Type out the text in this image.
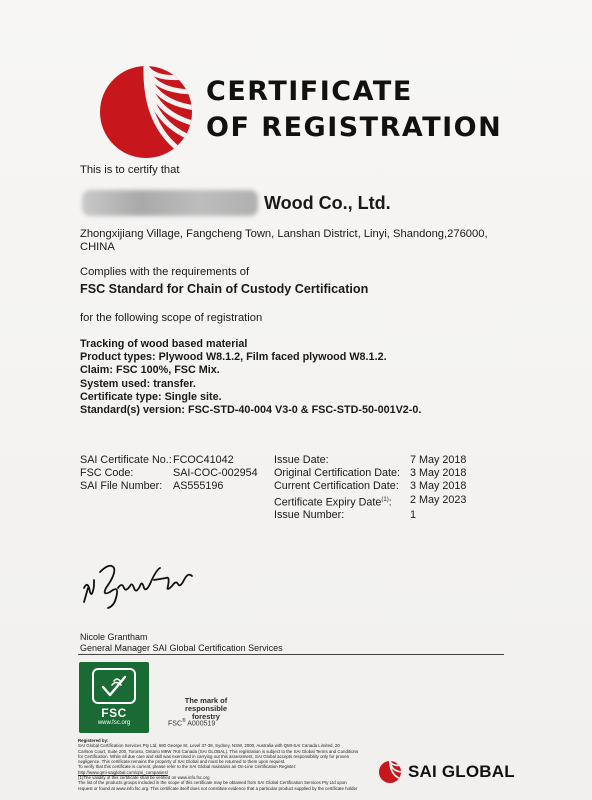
CERTIFICATE
OF REGISTRATION
This is to certify that
Wood Co., Ltd.
Zhongxijiang Village, Fangcheng Town, Lanshan District, Linyi, Shandong,276000, CHINA
Complies with the requirements of
FSC Standard for Chain of Custody Certification
for the following scope of registration
Tracking of wood based material
Product types: Plywood W8.1.2, Film faced plywood W8.1.2.
Claim: FSC 100%, FSC Mix.
System used: transfer.
Certificate type: Single site.
Standard(s) version: FSC-STD-40-004 V3-0 & FSC-STD-50-001V2-0.
SAI Certificate No.: FCOC41042
FSC Code:	SAI-COC-002954
SAI File Number: AS555196
Issue Date:	7 May 2018
Original Certification Date: 3 May 2018
Current Certification Date:	3 May 2018
Certificate Expiry Date$^{(1)}$:	2 May 2023
Issue Number:	1
Nicole Grantham
General Manager SAI Global Certification Services
FSC
www.fsc.org
The mark of
responsible forestry
FSC® A000519
Registered by:
SAI Global Certification Services Pty Ltd, 680 George St, Level 37-38, Sydney, NSW, 2000, Australia with QMI-SAI Canada Limited, 20
Carlson Court, Suite 200, Toronto, Ontario M9W 7K6 Canada (SAI GLOBAL). This registration is subject to the SAI Global Terms and Conditions
for Certification. While all due care and skill was exercised in carrying out this assessment, SAI Global accepts responsibility only for proven
negligence. This certificate remains the property of SAI Global and must be returned to them upon request.
To verify that this certificate is current, please refer to the SAI Global maintains an On-Line Certification Register:
http://www.qmi-saiglobal.com/qmi_companies/
(1)The validity of this certificate shall be verified on www.info.fsc.org
The list of the products groups included in the scope of this certificate may be obtained from SAI Global Certification Services Pty Ltd upon
request or found at www.info.fsc.org. This certificate itself does not constitute evidence that a particular product supplied by the certificate holder
SAI GLOBAL
